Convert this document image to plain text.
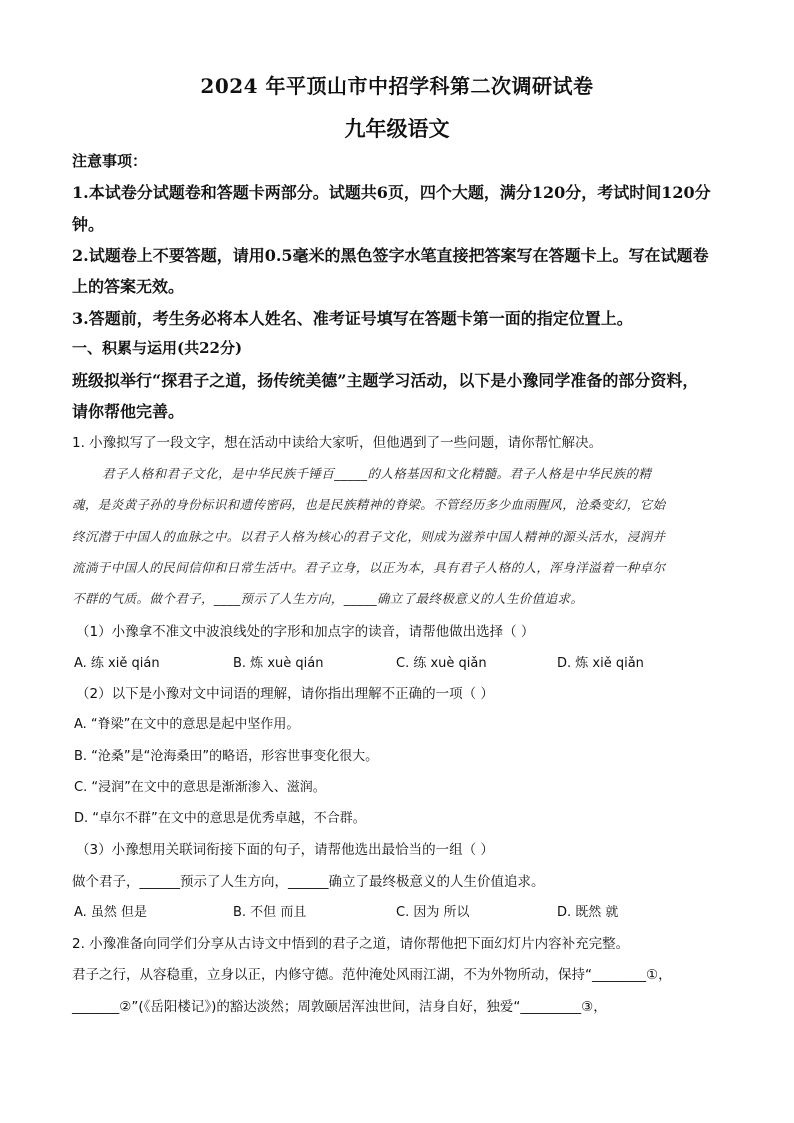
2024 年平顶山市中招学科第二次调研试卷
九年级语文
注意事项：
1.本试卷分试题卷和答题卡两部分。试题共6页，四个大题，满分120分，考试时间120分
钟。
2.试题卷上不要答题，请用0.5毫米的黑色签字水笔直接把答案写在答题卡上。写在试题卷
上的答案无效。
3.答题前，考生务必将本人姓名、准考证号填写在答题卡第一面的指定位置上。
一、积累与运用(共22分)
班级拟举行“探君子之道，扬传统美德”主题学习活动，以下是小豫同学准备的部分资料，
请你帮他完善。
1. 小豫拟写了一段文字，想在活动中读给大家听，但他遇到了一些问题，请你帮忙解决。
君子人格和君子文化，是中华民族千锤百_____的人格基因和文化精髓。君子人格是中华民族的精
魂，是炎黄子孙的身份标识和遗传密码，也是民族精神的脊梁。不管经历多少血雨腥风，沧桑变幻，它始
终沉潜于中国人的血脉之中。以君子人格为核心的君子文化，则成为滋养中国人精神的源头活水，浸润并
流淌于中国人的民间信仰和日常生活中。君子立身，以正为本，具有君子人格的人，浑身洋溢着一种卓尔
不群的气质。做个君子，____预示了人生方向，_____确立了最终极意义的人生价值追求。
（1）小豫拿不准文中波浪线处的字形和加点字的读音，请帮他做出选择（ ）
A. 练 xiě qián	B. 炼 xuè qián	C. 练 xuè qiǎn	D. 炼 xiě qiǎn
（2）以下是小豫对文中词语的理解，请你指出理解不正确的一项（ ）
A. “脊梁”在文中的意思是起中坚作用。
B. “沧桑”是“沧海桑田”的略语，形容世事变化很大。
C. “浸润”在文中的意思是渐渐渗入、滋润。
D. “卓尔不群”在文中的意思是优秀卓越，不合群。
（3）小豫想用关联词衔接下面的句子，请帮他选出最恰当的一组（ ）
做个君子，______预示了人生方向，______确立了最终极意义的人生价值追求。
A. 虽然 但是	B. 不但 而且	C. 因为 所以	D. 既然 就
2. 小豫准备向同学们分享从古诗文中悟到的君子之道，请你帮他把下面幻灯片内容补充完整。
君子之行，从容稳重，立身以正，内修守德。范仲淹处风雨江湖，不为外物所动，保持“________①，
_______②”(《岳阳楼记》)的豁达淡然；周敦颐居浑浊世间，洁身自好，独爱“_________③，
